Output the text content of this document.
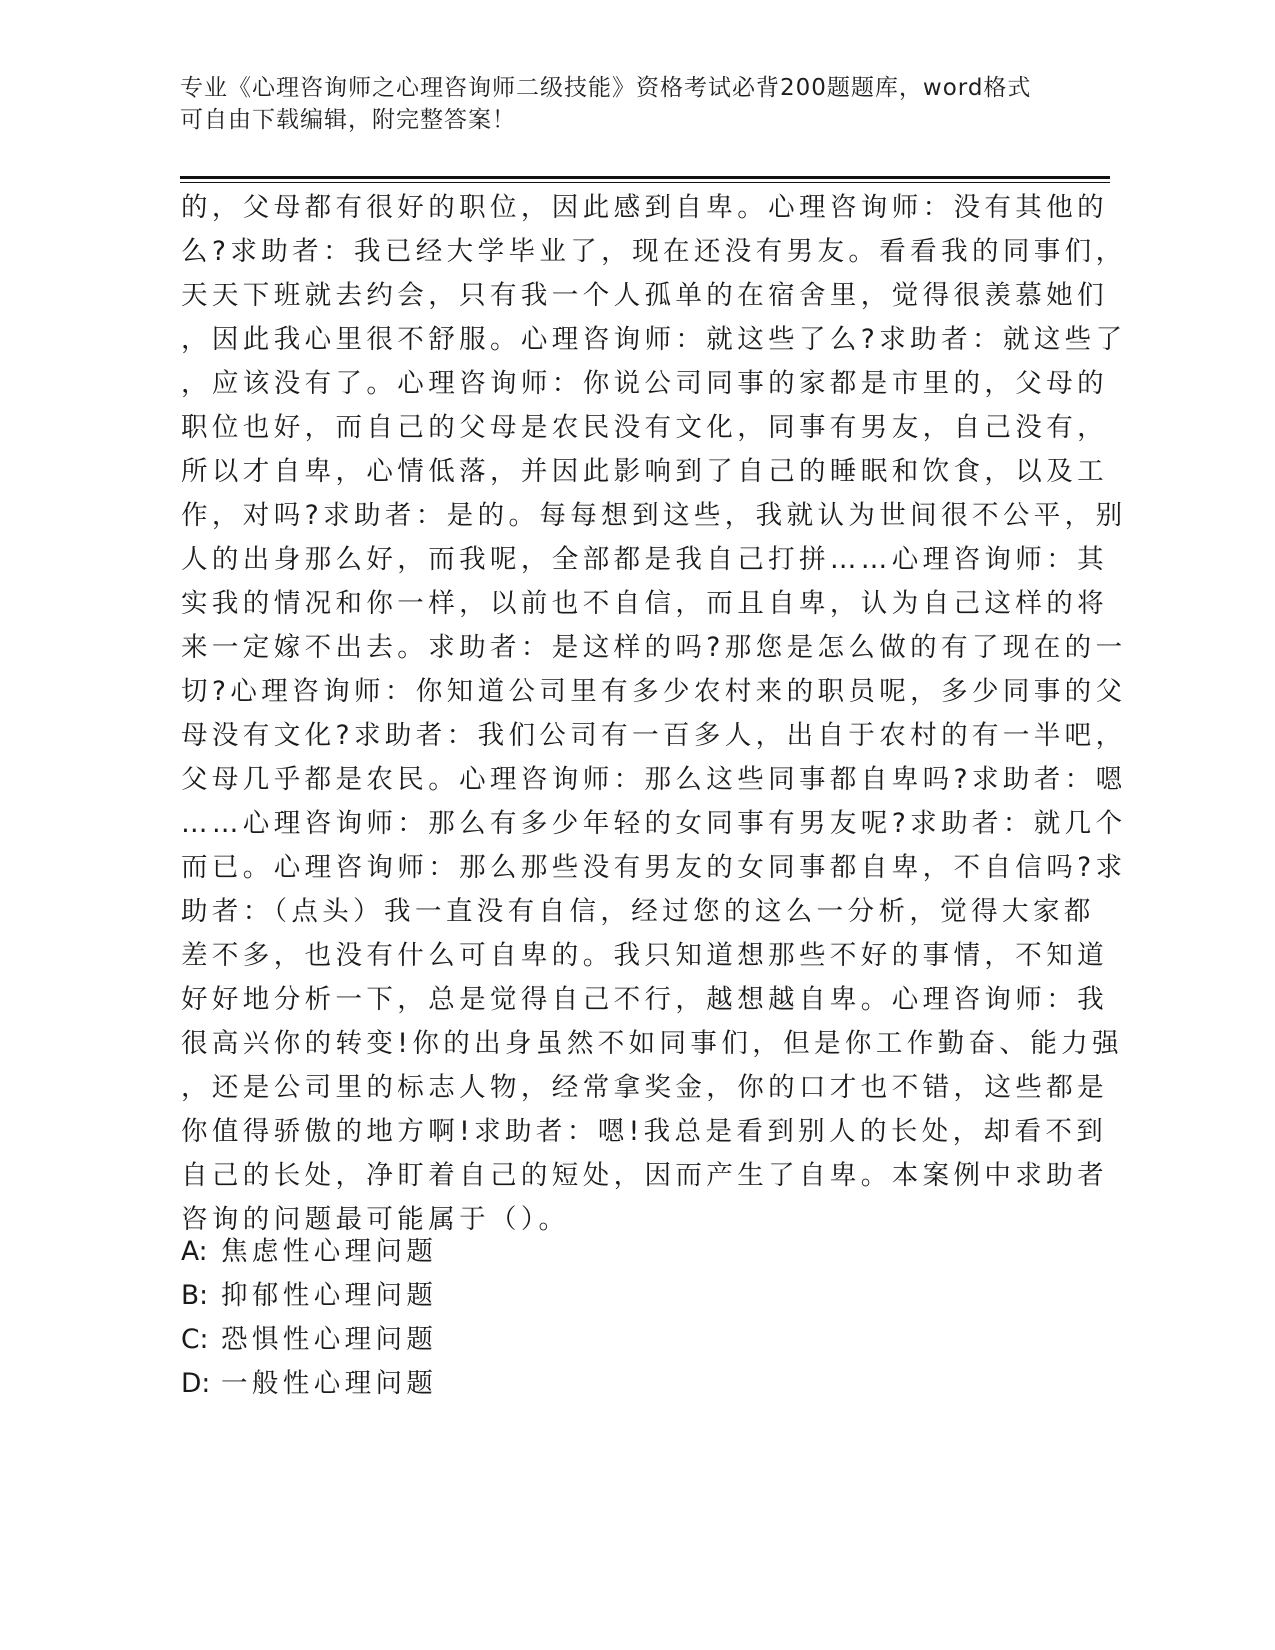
专业《心理咨询师之心理咨询师二级技能》资格考试必背200题题库，word格式
可自由下载编辑，附完整答案！
的，父母都有很好的职位，因此感到自卑。心理咨询师：没有其他的
么?求助者：我已经大学毕业了，现在还没有男友。看看我的同事们，
天天下班就去约会，只有我一个人孤单的在宿舍里，觉得很羡慕她们
，因此我心里很不舒服。心理咨询师：就这些了么?求助者：就这些了
，应该没有了。心理咨询师：你说公司同事的家都是市里的，父母的
职位也好，而自己的父母是农民没有文化，同事有男友，自己没有，
所以才自卑，心情低落，并因此影响到了自己的睡眠和饮食，以及工
作，对吗?求助者：是的。每每想到这些，我就认为世间很不公平，别
人的出身那么好，而我呢，全部都是我自己打拼……心理咨询师：其
实我的情况和你一样，以前也不自信，而且自卑，认为自己这样的将
来一定嫁不出去。求助者：是这样的吗?那您是怎么做的有了现在的一
切?心理咨询师：你知道公司里有多少农村来的职员呢，多少同事的父
母没有文化?求助者：我们公司有一百多人，出自于农村的有一半吧，
父母几乎都是农民。心理咨询师：那么这些同事都自卑吗?求助者：嗯
……心理咨询师：那么有多少年轻的女同事有男友呢?求助者：就几个
而已。心理咨询师：那么那些没有男友的女同事都自卑，不自信吗?求
助者：（点头）我一直没有自信，经过您的这么一分析，觉得大家都
差不多，也没有什么可自卑的。我只知道想那些不好的事情，不知道
好好地分析一下，总是觉得自己不行，越想越自卑。心理咨询师：我
很高兴你的转变!你的出身虽然不如同事们，但是你工作勤奋、能力强
，还是公司里的标志人物，经常拿奖金，你的口才也不错，这些都是
你值得骄傲的地方啊!求助者：嗯!我总是看到别人的长处，却看不到
自己的长处，净盯着自己的短处，因而产生了自卑。本案例中求助者
咨询的问题最可能属于（）。
A: 焦虑性心理问题
B: 抑郁性心理问题
C: 恐惧性心理问题
D: 一般性心理问题
